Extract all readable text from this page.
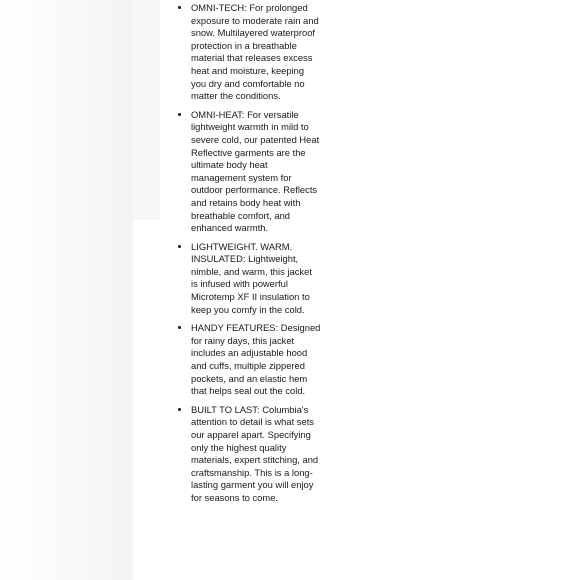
• OMNI-TECH: For prolonged exposure to moderate rain and snow. Multilayered waterproof protection in a breathable material that releases excess heat and moisture, keeping you dry and comfortable no matter the conditions.
• OMNI-HEAT: For versatile lightweight warmth in mild to severe cold, our patented Heat Reflective garments are the ultimate body heat management system for outdoor performance. Reflects and retains body heat with breathable comfort, and enhanced warmth.
• LIGHTWEIGHT. WARM. INSULATED: Lightweight, nimble, and warm, this jacket is infused with powerful Microtemp XF II insulation to keep you comfy in the cold.
• HANDY FEATURES: Designed for rainy days, this jacket includes an adjustable hood and cuffs, multiple zippered pockets, and an elastic hem that helps seal out the cold.
• BUILT TO LAST: Columbia's attention to detail is what sets our apparel apart. Specifying only the highest quality materials, expert stitching, and craftsmanship. This is a long-lasting garment you will enjoy for seasons to come.
